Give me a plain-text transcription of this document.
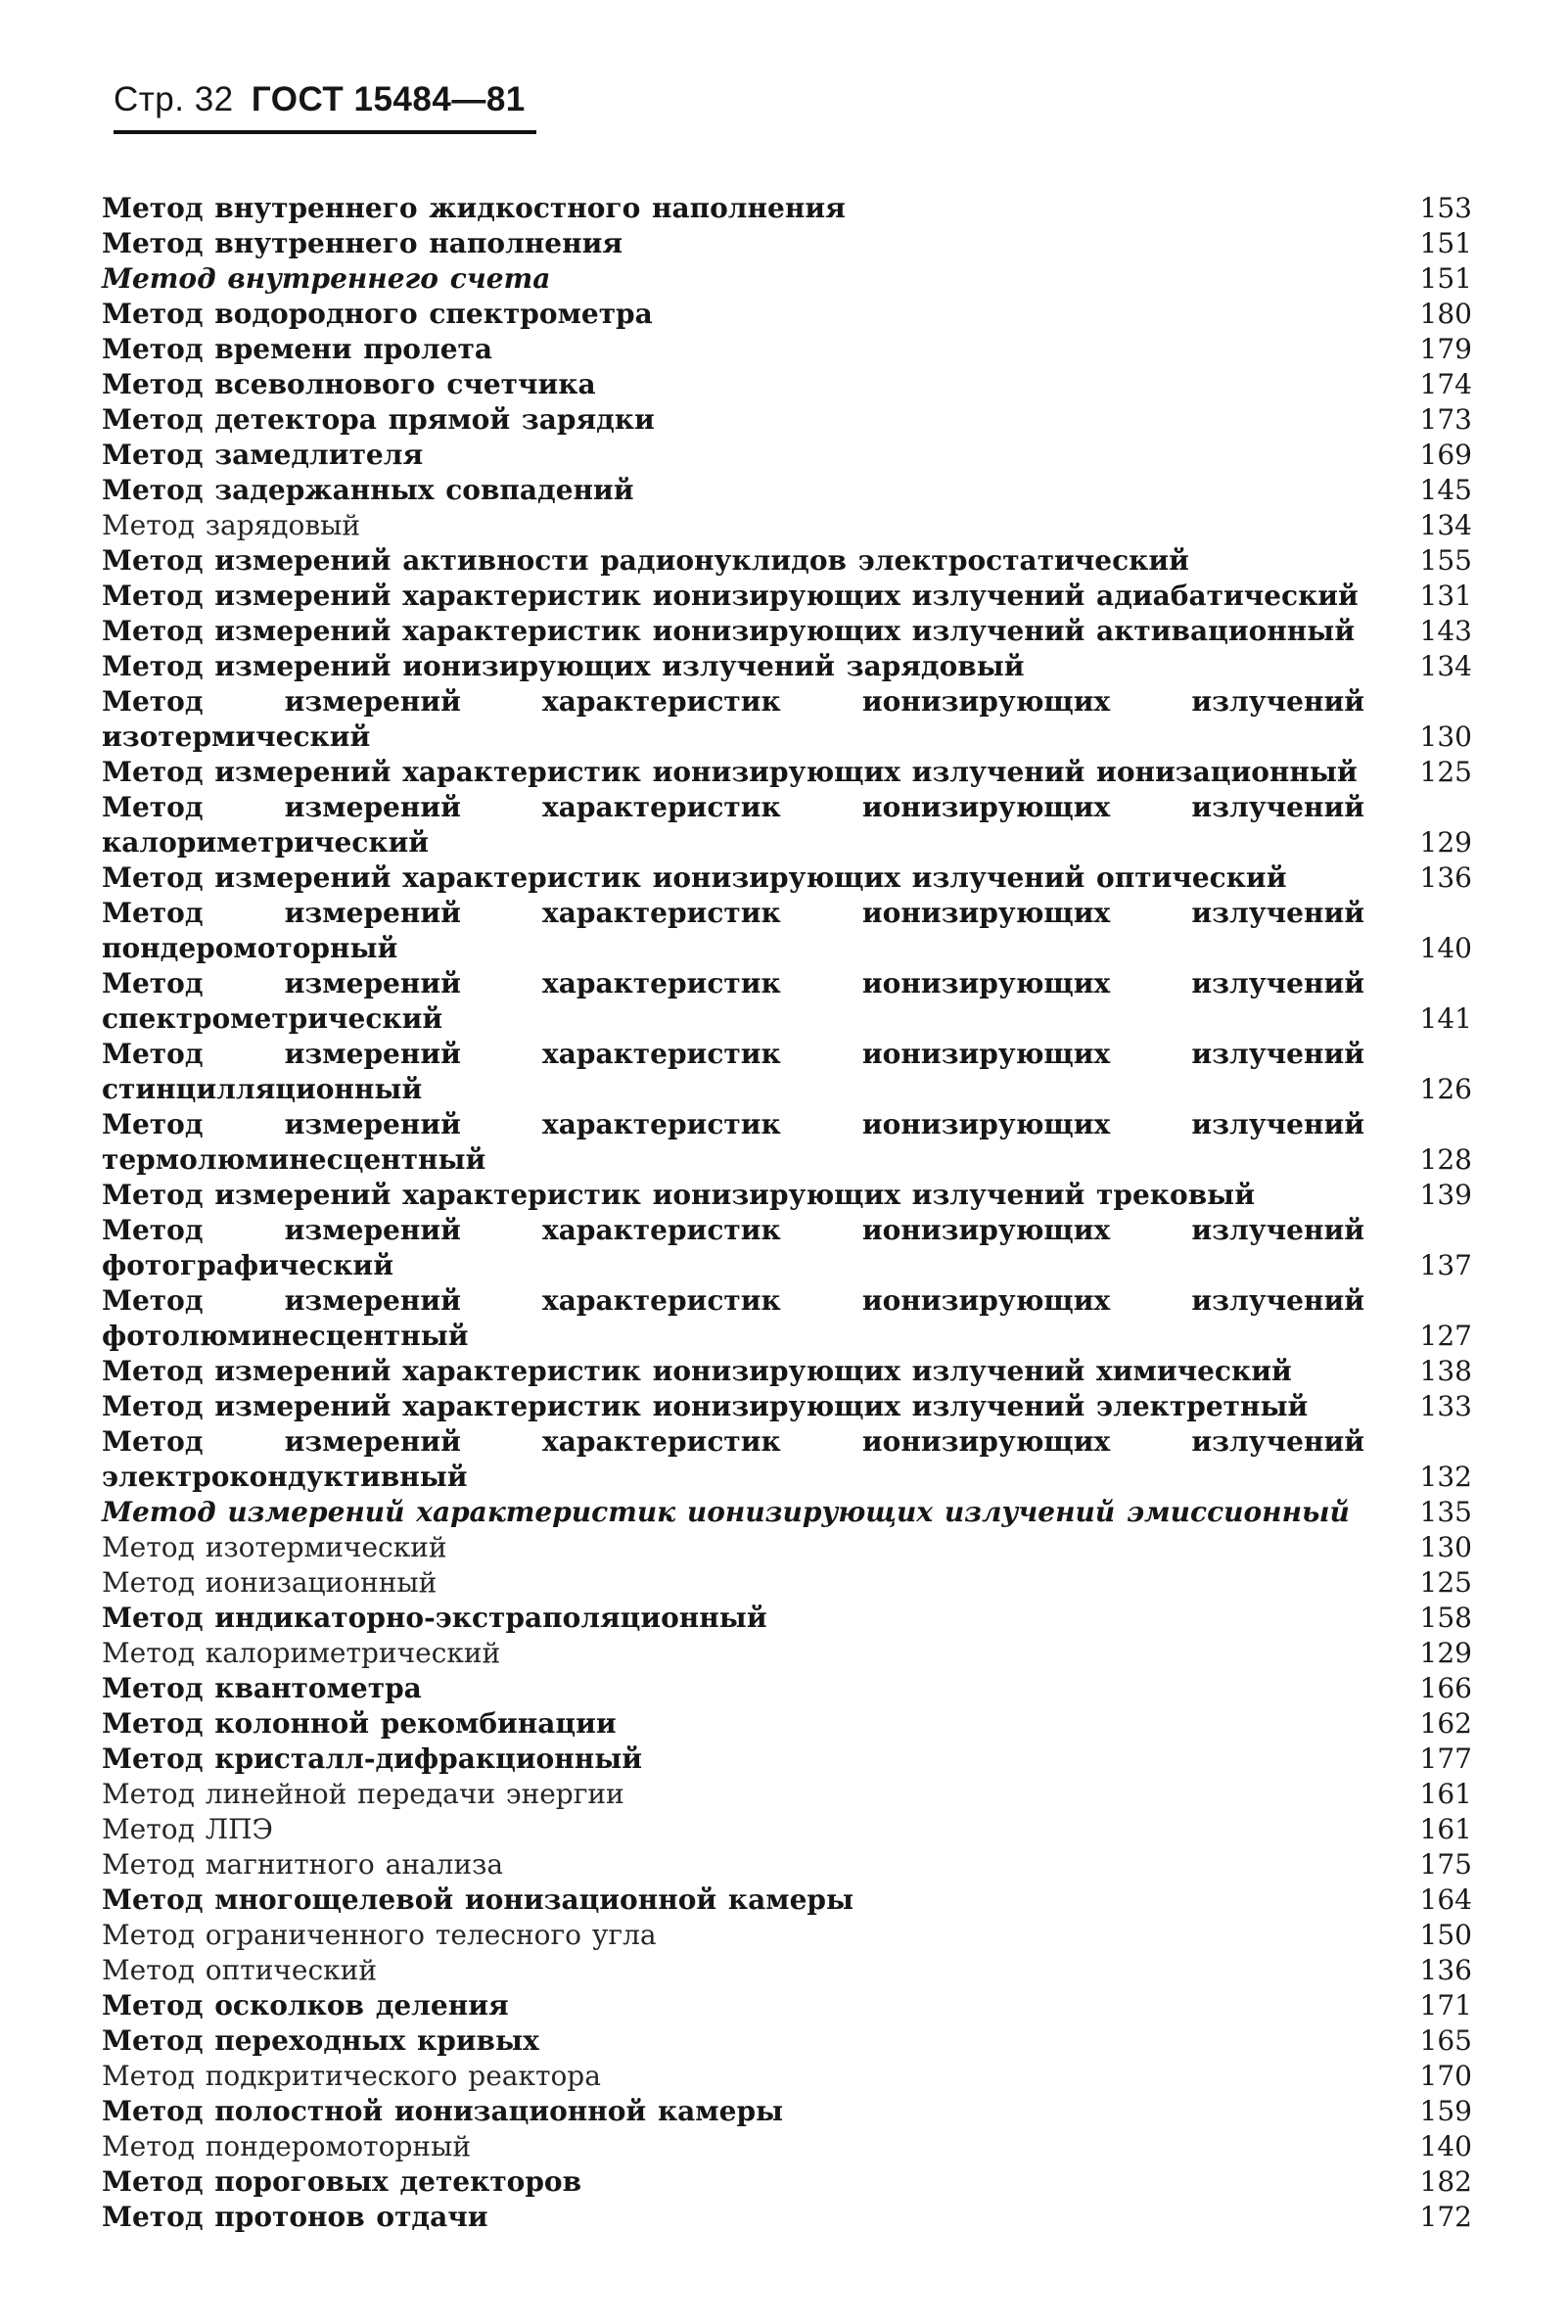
Стр. 32 ГОСТ 15484—81
Метод внутреннего жидкостного наполнения	153
Метод внутреннего наполнения	151
Метод внутреннего счета	151
Метод водородного спектрометра	180
Метод времени пролета	179
Метод всеволнового счетчика	174
Метод детектора прямой зарядки	173
Метод замедлителя	169
Метод задержанных совпадений	145
Метод зарядовый	134
Метод измерений активности радионуклидов электростатический	155
Метод измерений характеристик ионизирующих излучений адиабатический	131
Метод измерений характеристик ионизирующих излучений активационный	143
Метод измерений ионизирующих излучений зарядовый	134
Метод измерений характеристик ионизирующих излучений изотермический	130
Метод измерений характеристик ионизирующих излучений ионизационный	125
Метод измерений характеристик ионизирующих излучений калориметрический	129
Метод измерений характеристик ионизирующих излучений оптический	136
Метод измерений характеристик ионизирующих излучений пондеромоторный	140
Метод измерений характеристик ионизирующих излучений спектрометрический	141
Метод измерений характеристик ионизирующих излучений стинцилляционный	126
Метод измерений характеристик ионизирующих излучений термолюминесцентный	128
Метод измерений характеристик ионизирующих излучений трековый	139
Метод измерений характеристик ионизирующих излучений фотографический	137
Метод измерений характеристик ионизирующих излучений фотолюминесцентный	127
Метод измерений характеристик ионизирующих излучений химический	138
Метод измерений характеристик ионизирующих излучений электретный	133
Метод измерений характеристик ионизирующих излучений электрокондуктивный	132
Метод измерений характеристик ионизирующих излучений эмиссионный	135
Метод изотермический	130
Метод ионизационный	125
Метод индикаторно-экстраполяционный	158
Метод калориметрический	129
Метод квантометра	166
Метод колонной рекомбинации	162
Метод кристалл-дифракционный	177
Метод линейной передачи энергии	161
Метод ЛПЭ	161
Метод магнитного анализа	175
Метод многощелевой ионизационной камеры	164
Метод ограниченного телесного угла	150
Метод оптический	136
Метод осколков деления	171
Метод переходных кривых	165
Метод подкритического реактора	170
Метод полостной ионизационной камеры	159
Метод пондеромоторный	140
Метод пороговых детекторов	182
Метод протонов отдачи	172
